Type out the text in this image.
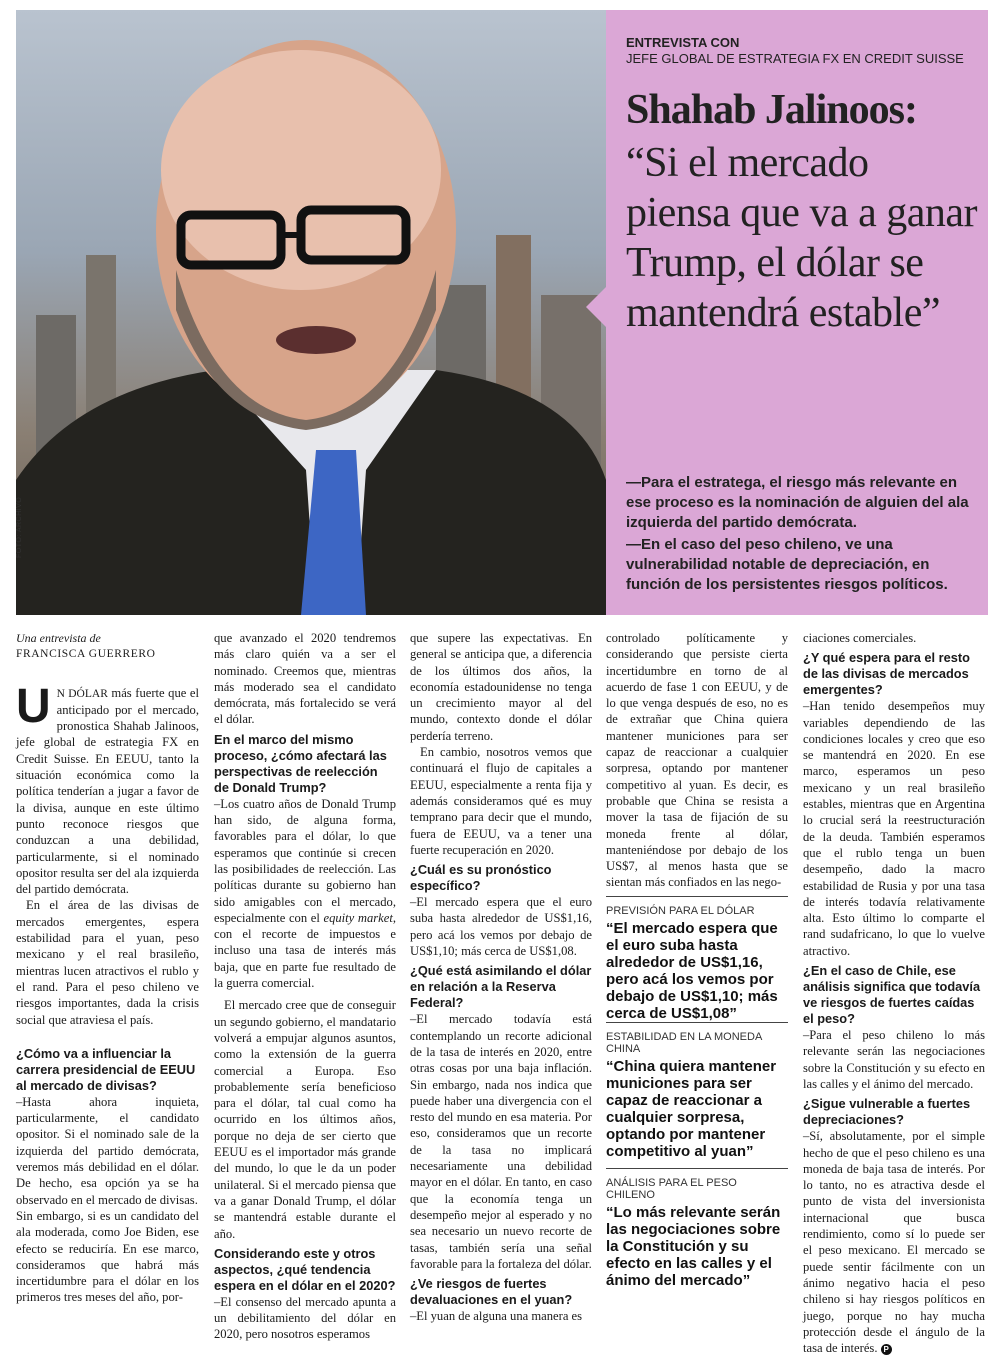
FOTO: ARCHIVO
ENTREVISTA CON
JEFE GLOBAL DE ESTRATEGIA FX EN CREDIT SUISSE
Shahab Jalinoos:
“Si el mercado piensa que va a ganar Trump, el dólar se mantendrá estable”

—Para el estratega, el riesgo más relevante en ese proceso es la nominación de alguien del ala izquierda del partido demócrata.

—En el caso del peso chileno, ve una vulnerabilidad notable de depreciación, en función de los persistentes riesgos políticos.

Una entrevista de
FRANCISCA GUERRERO

U N DÓLAR más fuerte que el anticipado por el mercado, pronostica Shahab Jalinoos, jefe global de estrategia FX en Credit Suisse. En EEUU, tanto la situación económica como la política tenderían a jugar a favor de la divisa, aunque en este último punto reconoce riesgos que conduzcan a una debilidad, particularmente, si el nominado opositor resulta ser del ala izquierda del partido demócrata.

En el área de las divisas de mercados emergentes, espera estabilidad para el yuan, peso mexicano y el real brasileño, mientras lucen atractivos el rublo y el rand. Para el peso chileno ve riesgos importantes, dada la crisis social que atraviesa el país.

¿Cómo va a influenciar la carrera presidencial de EEUU al mercado de divisas?

–Hasta ahora inquieta, particularmente, el candidato opositor. Si el nominado sale de la izquierda del partido demócrata, veremos más debilidad en el dólar. De hecho, esa opción ya se ha observado en el mercado de divisas.

Sin embargo, si es un candidato del ala moderada, como Joe Biden, ese efecto se reduciría. En ese marco, consideramos que habrá más incertidumbre para el dólar en los primeros tres meses del año, por-

que avanzado el 2020 tendremos más claro quién va a ser el nominado. Creemos que, mientras más moderado sea el candidato demócrata, más fortalecido se verá el dólar.

En el marco del mismo proceso, ¿cómo afectará las perspectivas de reelección de Donald Trump?

–Los cuatro años de Donald Trump han sido, de alguna forma, favorables para el dólar, lo que esperamos que continúe si crecen las posibilidades de reelección. Las políticas durante su gobierno han sido amigables con el mercado, especialmente con el equity market, con el recorte de impuestos e incluso una tasa de interés más baja, que en parte fue resultado de la guerra comercial.

El mercado cree que de conseguir un segundo gobierno, el mandatario volverá a empujar algunos asuntos, como la extensión de la guerra comercial a Europa. Eso probablemente sería beneficioso para el dólar, tal cual como ha ocurrido en los últimos años, porque no deja de ser cierto que EEUU es el importador más grande del mundo, lo que le da un poder unilateral. Si el mercado piensa que va a ganar Donald Trump, el dólar se mantendrá estable durante el año.

Considerando este y otros aspectos, ¿qué tendencia espera en el dólar en el 2020?

–El consenso del mercado apunta a un debilitamiento del dólar en 2020, pero nosotros esperamos

que supere las expectativas. En general se anticipa que, a diferencia de los últimos dos años, la economía estadounidense no tenga un crecimiento mayor al del mundo, contexto donde el dólar perdería terreno.

En cambio, nosotros vemos que continuará el flujo de capitales a EEUU, especialmente a renta fija y además consideramos qué es muy temprano para decir que el mundo, fuera de EEUU, va a tener una fuerte recuperación en 2020.

¿Cuál es su pronóstico específico?

–El mercado espera que el euro suba hasta alrededor de US$1,16, pero acá los vemos por debajo de US$1,10; más cerca de US$1,08.

¿Qué está asimilando el dólar en relación a la Reserva Federal?

–El mercado todavía está contemplando un recorte adicional de la tasa de interés en 2020, entre otras cosas por una baja inflación. Sin embargo, nada nos indica que puede haber una divergencia con el resto del mundo en esa materia. Por eso, consideramos que un recorte de la tasa no implicará necesariamente una debilidad mayor en el dólar. En tanto, en caso que la economía tenga un desempeño mejor al esperado y no sea necesario un nuevo recorte de tasas, también sería una señal favorable para la fortaleza del dólar.

¿Ve riesgos de fuertes devaluaciones en el yuan?

–El yuan de alguna una manera es

controlado políticamente y considerando que persiste cierta incertidumbre en torno de al acuerdo de fase 1 con EEUU, y de lo que venga después de eso, no es de extrañar que China quiera mantener municiones para ser capaz de reaccionar a cualquier sorpresa, optando por mantener competitivo al yuan. Es decir, es probable que China se resista a mover la tasa de fijación de su moneda frente al dólar, manteniéndose por debajo de los US$7, al menos hasta que se sientan más confiados en las nego-

PREVISIÓN PARA EL DÓLAR
“El mercado espera que el euro suba hasta alrededor de US$1,16, pero acá los vemos por debajo de US$1,10; más cerca de US$1,08”
ESTABILIDAD EN LA MONEDA CHINA
“China quiera mantener municiones para ser capaz de reaccionar a cualquier sorpresa, optando por mantener competitivo al yuan”
ANÁLISIS PARA EL PESO CHILENO
“Lo más relevante serán las negociaciones sobre la Constitución y su efecto en las calles y el ánimo del mercado”

ciaciones comerciales.

¿Y qué espera para el resto de las divisas de mercados emergentes?

–Han tenido desempeños muy variables dependiendo de las condiciones locales y creo que eso se mantendrá en 2020. En ese marco, esperamos un peso mexicano y un real brasileño estables, mientras que en Argentina lo crucial será la reestructuración de la deuda. También esperamos que el rublo tenga un buen desempeño, dado la macro estabilidad de Rusia y por una tasa de interés todavía relativamente alta. Esto último lo comparte el rand sudafricano, lo que lo vuelve atractivo.

¿En el caso de Chile, ese análisis significa que todavía ve riesgos de fuertes caídas el peso?

–Para el peso chileno lo más relevante serán las negociaciones sobre la Constitución y su efecto en las calles y el ánimo del mercado.

¿Sigue vulnerable a fuertes depreciaciones?

–Sí, absolutamente, por el simple hecho de que el peso chileno es una moneda de baja tasa de interés. Por lo tanto, no es atractiva desde el punto de vista del inversionista internacional que busca rendimiento, como sí lo puede ser el peso mexicano. El mercado se puede sentir fácilmente con un ánimo negativo hacia el peso chileno si hay riesgos políticos en juego, porque no hay mucha protección desde el ángulo de la tasa de interés. P
